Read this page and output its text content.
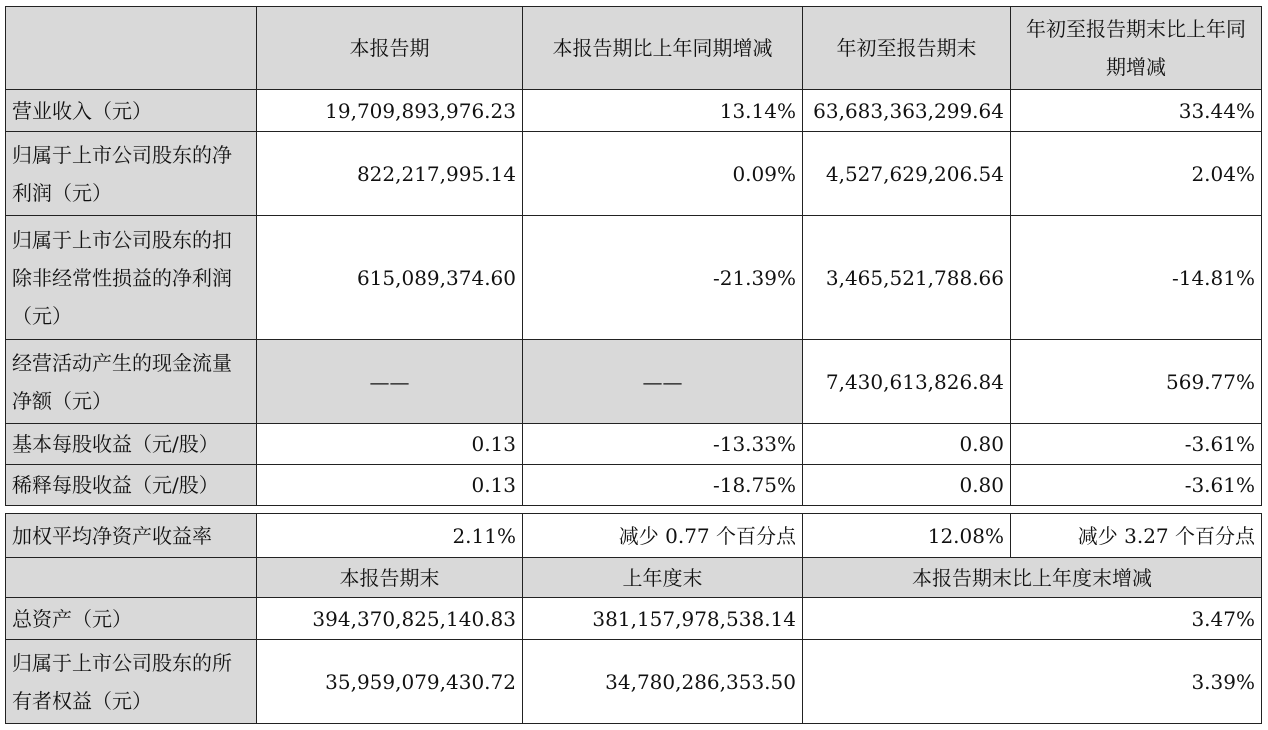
	本报告期	本报告期比上年同期增减	年初至报告期末	年初至报告期末比上年同期增减
营业收入（元）	19,709,893,976.23	13.14%	63,683,363,299.64	33.44%
归属于上市公司股东的净利润（元）	822,217,995.14	0.09%	4,527,629,206.54	2.04%
归属于上市公司股东的扣除非经常性损益的净利润（元）	615,089,374.60	-21.39%	3,465,521,788.66	-14.81%
经营活动产生的现金流量净额（元）	——	——	7,430,613,826.84	569.77%
基本每股收益（元/股）	0.13	-13.33%	0.80	-3.61%
稀释每股收益（元/股）	0.13	-18.75%	0.80	-3.61%
加权平均净资产收益率	2.11%	减少 0.77 个百分点	12.08%	减少 3.27 个百分点
	本报告期末	上年度末	本报告期末比上年度末增减	
总资产（元）	394,370,825,140.83	381,157,978,538.14	3.47%	
归属于上市公司股东的所有者权益（元）	35,959,079,430.72	34,780,286,353.50	3.39%	
